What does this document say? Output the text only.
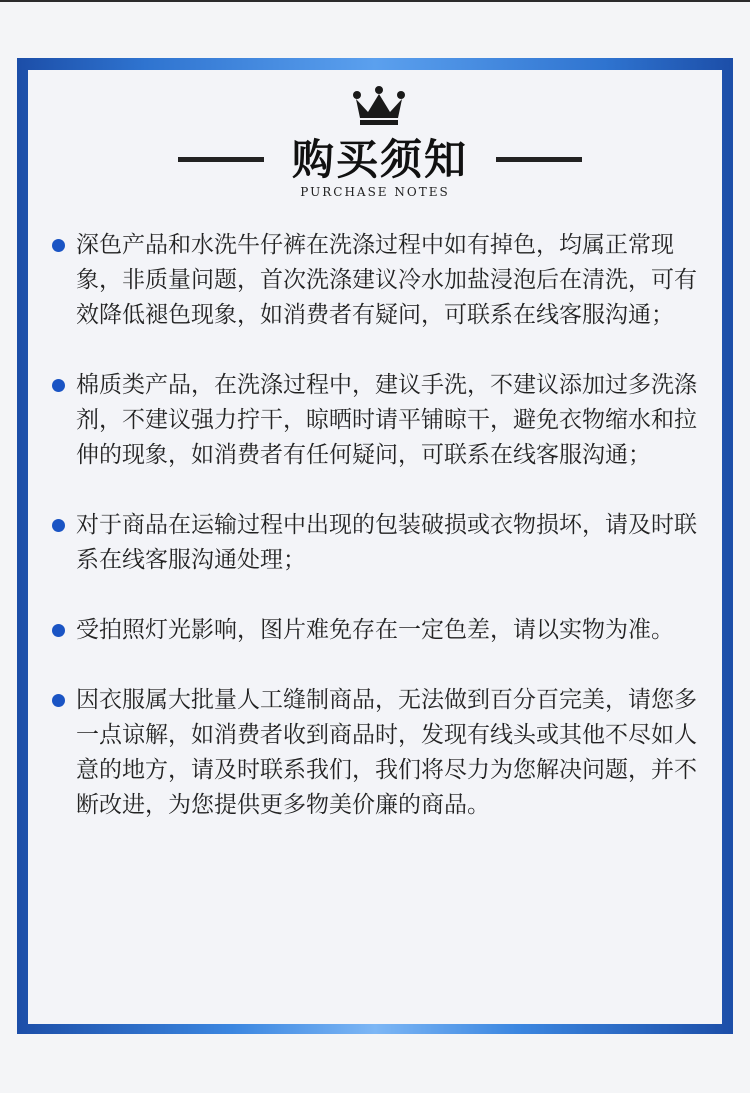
购买须知
PURCHASE NOTES
深色产品和水洗牛仔裤在洗涤过程中如有掉色，均属正常现象，非质量问题，首次洗涤建议冷水加盐浸泡后在清洗，可有效降低褪色现象，如消费者有疑问，可联系在线客服沟通；
棉质类产品，在洗涤过程中，建议手洗，不建议添加过多洗涤剂，不建议强力拧干，晾晒时请平铺晾干，避免衣物缩水和拉伸的现象，如消费者有任何疑问，可联系在线客服沟通；
对于商品在运输过程中出现的包装破损或衣物损坏，请及时联系在线客服沟通处理；
受拍照灯光影响，图片难免存在一定色差，请以实物为准。
因衣服属大批量人工缝制商品，无法做到百分百完美，请您多一点谅解，如消费者收到商品时，发现有线头或其他不尽如人意的地方，请及时联系我们，我们将尽力为您解决问题，并不断改进，为您提供更多物美价廉的商品。
